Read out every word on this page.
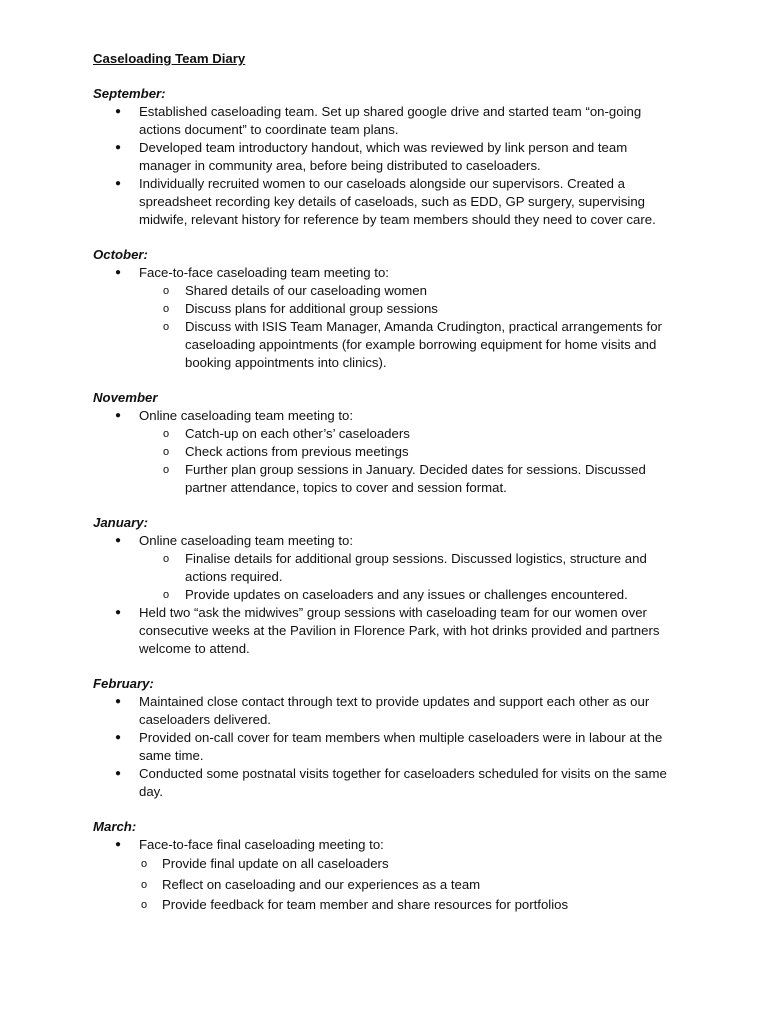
Caseloading Team Diary
September:
● Established caseloading team. Set up shared google drive and started team “on-going actions document” to coordinate team plans.
● Developed team introductory handout, which was reviewed by link person and team manager in community area, before being distributed to caseloaders.
● Individually recruited women to our caseloads alongside our supervisors. Created a spreadsheet recording key details of caseloads, such as EDD, GP surgery, supervising midwife, relevant history for reference by team members should they need to cover care.
October:
● Face-to-face caseloading team meeting to:
o Shared details of our caseloading women
o Discuss plans for additional group sessions
o Discuss with ISIS Team Manager, Amanda Crudington, practical arrangements for caseloading appointments (for example borrowing equipment for home visits and booking appointments into clinics).
November
● Online caseloading team meeting to:
o Catch-up on each other’s’ caseloaders
o Check actions from previous meetings
o Further plan group sessions in January. Decided dates for sessions. Discussed partner attendance, topics to cover and session format.
January:
● Online caseloading team meeting to:
o Finalise details for additional group sessions. Discussed logistics, structure and actions required.
o Provide updates on caseloaders and any issues or challenges encountered.
● Held two “ask the midwives” group sessions with caseloading team for our women over consecutive weeks at the Pavilion in Florence Park, with hot drinks provided and partners welcome to attend.
February:
● Maintained close contact through text to provide updates and support each other as our caseloaders delivered.
● Provided on-call cover for team members when multiple caseloaders were in labour at the same time.
● Conducted some postnatal visits together for caseloaders scheduled for visits on the same day.
March:
● Face-to-face final caseloading meeting to:
o Provide final update on all caseloaders
o Reflect on caseloading and our experiences as a team
o Provide feedback for team member and share resources for portfolios
